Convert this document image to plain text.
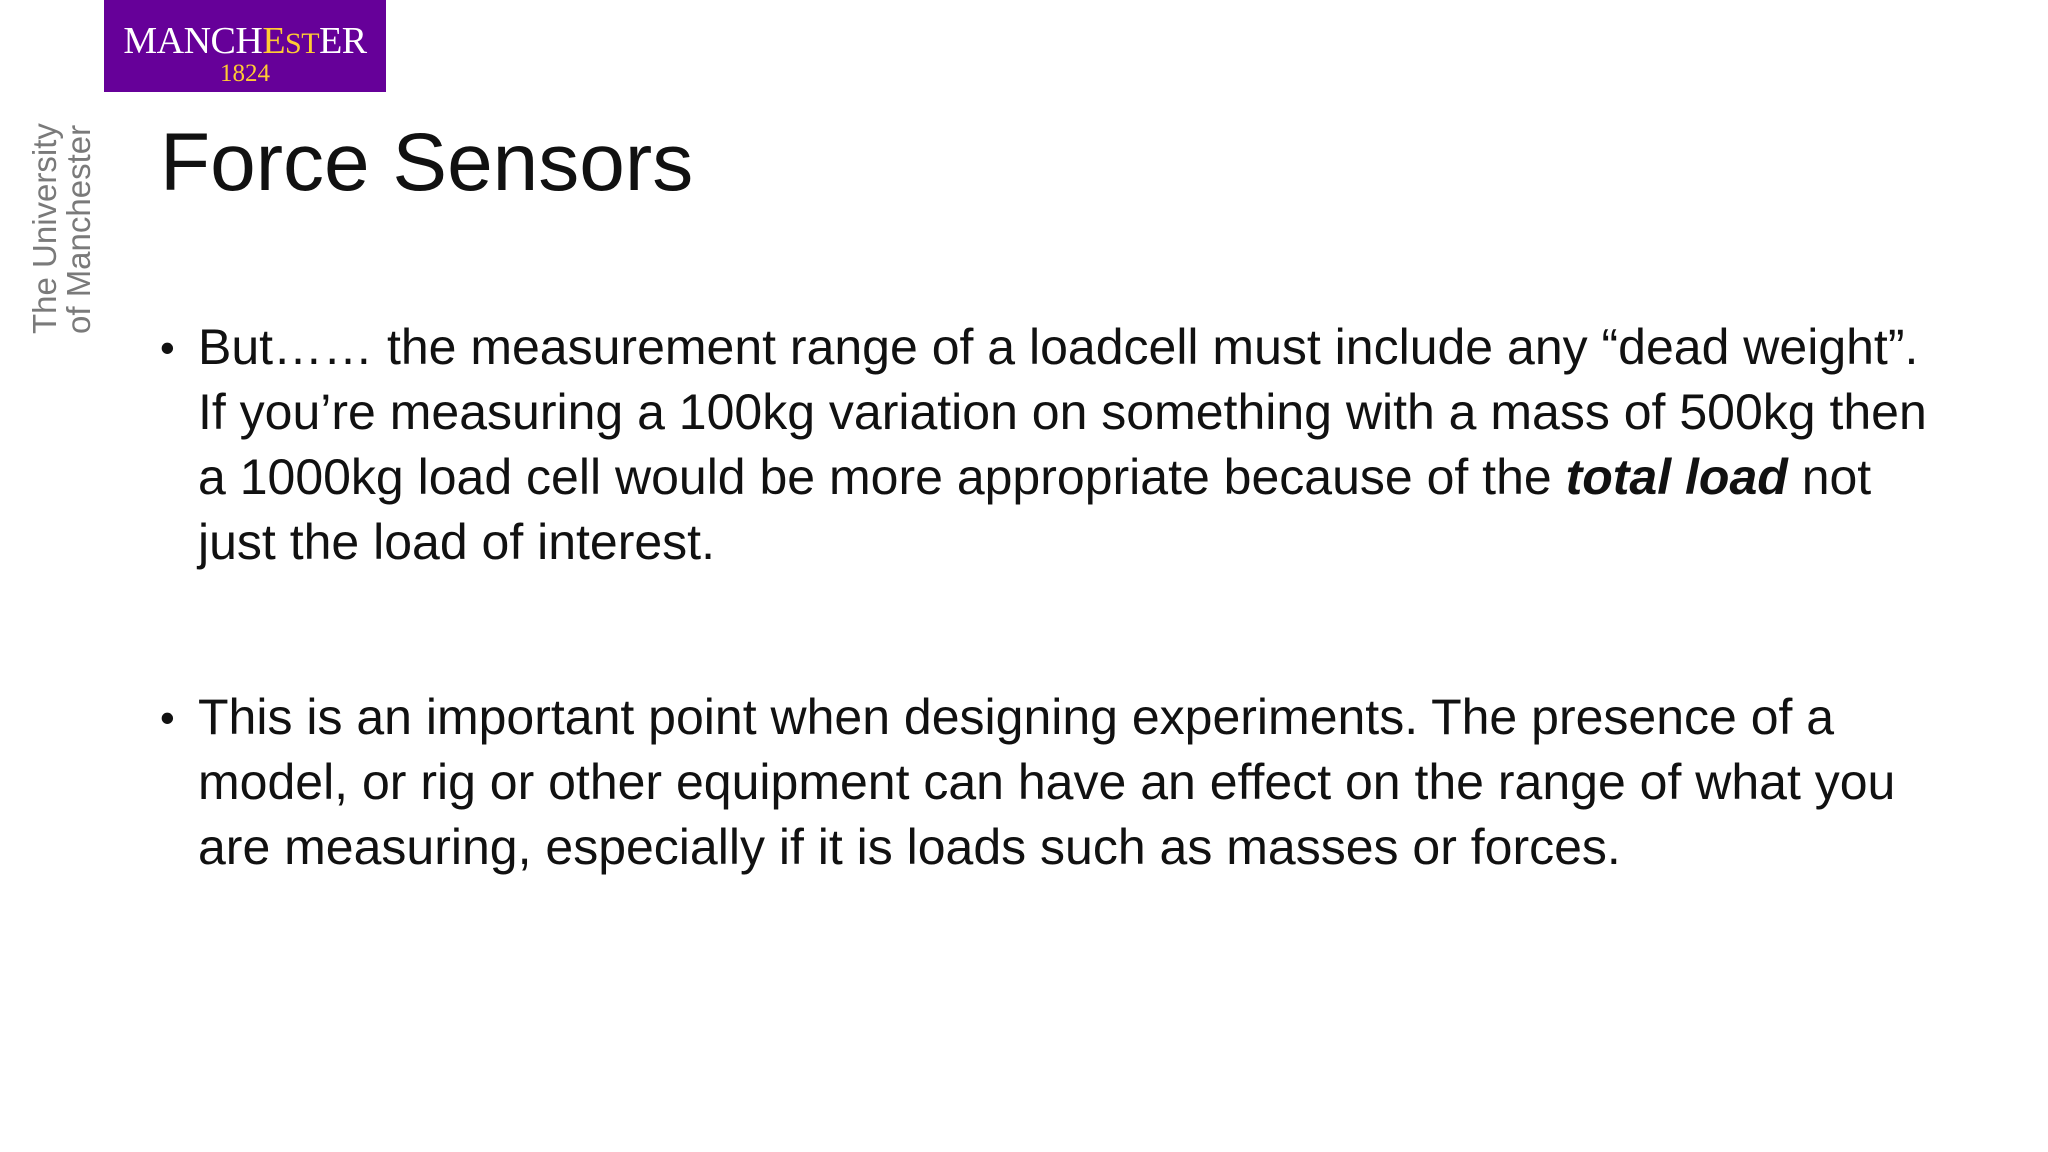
MANCHESTER
1824
The University
of Manchester Force Sensors
• But…… the measurement range of a loadcell must include any “dead weight”. If you’re measuring a 100kg variation on something with a mass of 500kg then a 1000kg load cell would be more appropriate because of the total load not just the load of interest.
• This is an important point when designing experiments. The presence of a model, or rig or other equipment can have an effect on the range of what you are measuring, especially if it is loads such as masses or forces.
